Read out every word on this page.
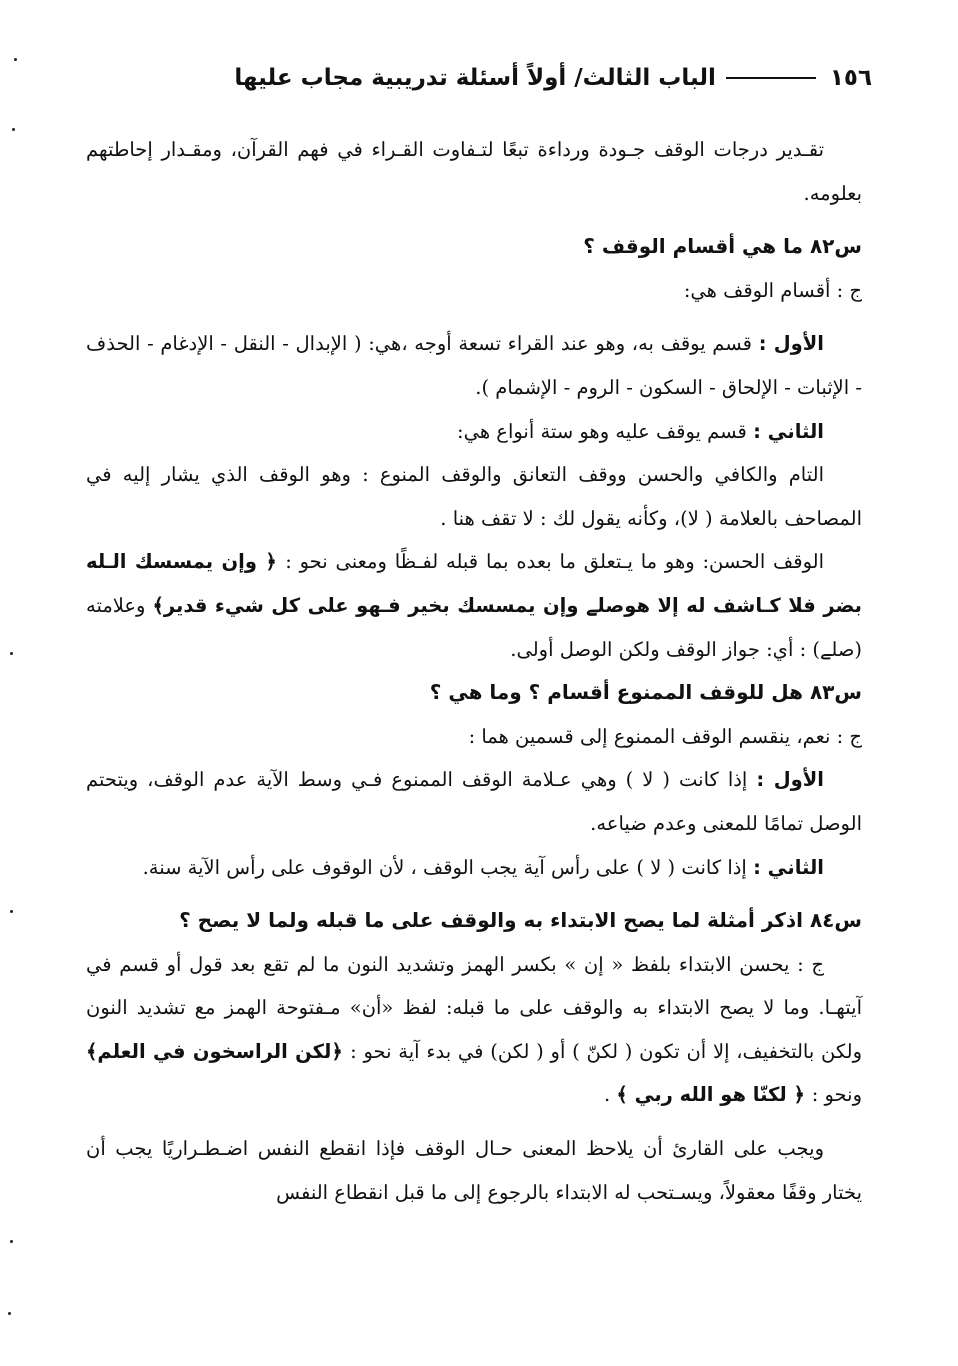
١٥٦
الباب الثالث/ أولاً أسئلة تدريبية مجاب عليها

تقـدير درجات الوقف جـودة ورداءة تبعًا لتـفاوت القـراء في فهم القرآن، ومقـدار إحاطتهم بعلومه.

س٨٢ ما هي أقسام الوقف ؟

ج : أقسام الوقف هي:

الأول : قسم يوقف به، وهو عند القراء تسعة أوجه ،هي: ( الإبدال - النقل - الإدغام - الحذف - الإثبات - الإلحاق - السكون - الروم - الإشمام ).

الثاني : قسم يوقف عليه وهو ستة أنواع هي:

التام والكافي والحسن ووقف التعانق والوقف المنوع : وهو الوقف الذي يشار إليه في المصاحف بالعلامة ( لا)، وكأنه يقول لك : لا تقف هنا .

الوقف الحسن: وهو ما يـتعلق ما بعده بما قبله لفـظًا ومعنى نحو : ﴿ وإن يمسسك الـله بضر فلا كـاشف له إلا هوصلے وإن يمسسك بخير فـهو على كل شيء قدير﴾ وعلامته (صلے) : أي: جواز الوقف ولكن الوصل أولى.

س٨٣ هل للوقف الممنوع أقسام ؟ وما هي ؟

ج : نعم، ينقسم الوقف الممنوع إلى قسمين هما :

الأول : إذا كانت ( لا ) وهي عـلامة الوقف الممنوع فـي وسط الآية عدم الوقف، ويتحتم الوصل تمامًا للمعنى وعدم ضياعه.

الثاني : إذا كانت ( لا ) على رأس آية يجب الوقف ، لأن الوقوف على رأس الآية سنة.

س٨٤ اذكر أمثلة لما يصح الابتداء به والوقف على ما قبله ولما لا يصح ؟

ج : يحسن الابتداء بلفظ « إن » بكسر الهمز وتشديد النون ما لم تقع بعد قول أو قسم في آيتهـا. وما لا يصح الابتداء به والوقف على ما قبله: لفظ «أن» مـفتوحة الهمز مع تشديد النون ولكن بالتخفيف، إلا أن تكون ( لكنّ ) أو ( لكن) في بدء آية نحو : ﴿لكن الراسخون في العلم﴾ ونحو : ﴿ لكنّا هو الله ربي ﴾ .

ويجب على القارئ أن يلاحظ المعنى حـال الوقف فإذا انقطع النفس اضـطـراريًا يجب أن يختار وقفًا معقولاً، ويسـتحب له الابتداء بالرجوع إلى ما قبل انقطاع النفس
